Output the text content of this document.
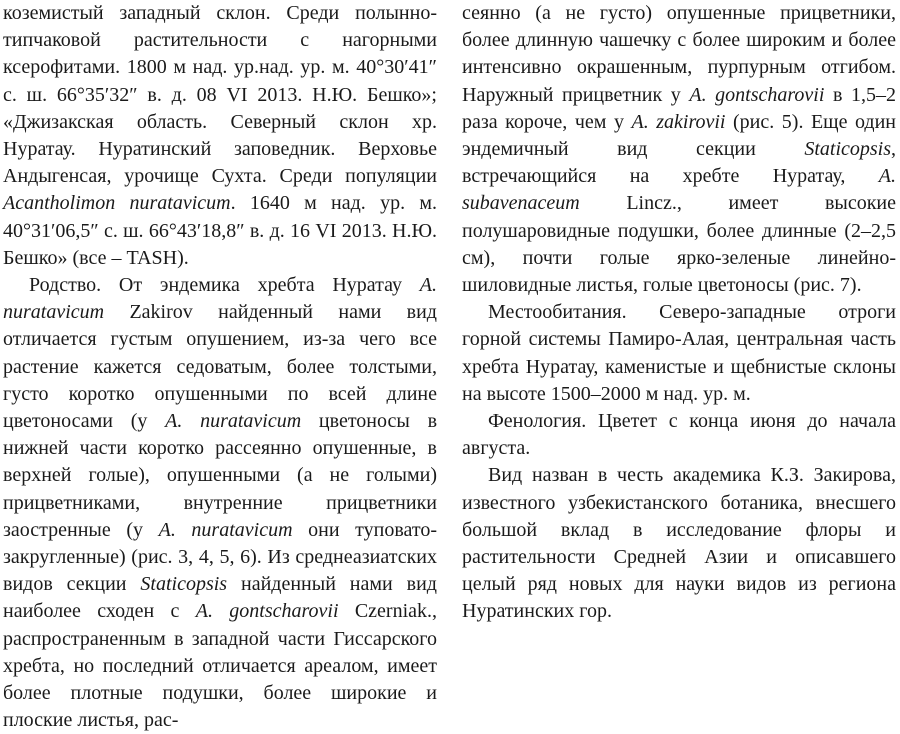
коземистый западный склон. Среди полынно-типчаковой растительности с нагорными ксерофитами. 1800 м над. ур.над. ур. м. 40°30′41″ с. ш. 66°35′32″ в. д. 08 VI 2013. Н.Ю. Бешко»; «Джизакская область. Северный склон хр. Нуратау. Нуратинский заповедник. Верховье Андыгенсая, урочище Сухта. Среди популяции Acantholimon nuratavicum. 1640 м над. ур. м. 40°31′06,5″ с. ш. 66°43′18,8″ в. д. 16 VI 2013. Н.Ю. Бешко» (все – TASH).

Родство. От эндемика хребта Нуратау A. nuratavicum Zakirov найденный нами вид отличается густым опушением, из-за чего все растение кажется седоватым, более толстыми, густо коротко опушенными по всей длине цветоносами (у A. nuratavicum цветоносы в нижней части коротко рассеянно опушенные, в верхней голые), опушенными (а не голыми) прицветниками, внутренние прицветники заостренные (у A. nuratavicum они туповато-закругленные) (рис. 3, 4, 5, 6). Из среднеазиатских видов секции Staticopsis найденный нами вид наиболее сходен с A. gontscharovii Czerniak., распространенным в западной части Гиссарского хребта, но последний отличается ареалом, имеет более плотные подушки, более широкие и плоские листья, рас-

сеянно (а не густо) опушенные прицветники, более длинную чашечку с более широким и более интенсивно окрашенным, пурпурным отгибом. Наружный прицветник у A. gontscharovii в 1,5–2 раза короче, чем у A. zakirovii (рис. 5). Еще один эндемичный вид секции Staticopsis, встречающийся на хребте Нуратау, A. subavenaceum Lincz., имеет высокие полушаровидные подушки, более длинные (2–2,5 см), почти голые ярко-зеленые линейно-шиловидные листья, голые цветоносы (рис. 7).

Местообитания. Северо-западные отроги горной системы Памиро-Алая, центральная часть хребта Нуратау, каменистые и щебнистые склоны на высоте 1500–2000 м над. ур. м.

Фенология. Цветет с конца июня до начала августа.

Вид назван в честь академика К.З. Закирова, известного узбекистанского ботаника, внесшего большой вклад в исследование флоры и растительности Средней Азии и описавшего целый ряд новых для науки видов из региона Нуратинских гор.
